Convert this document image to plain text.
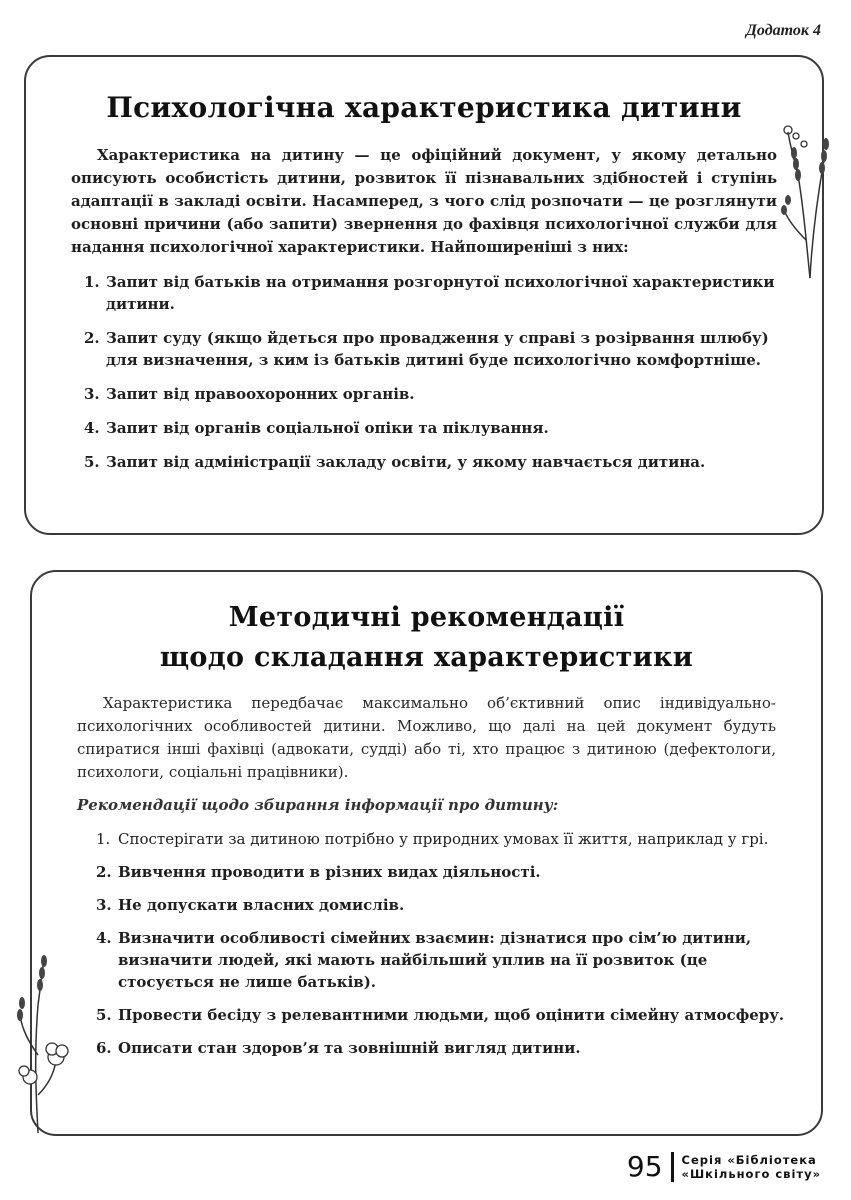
Додаток 4
Психологічна характеристика дитини

Характеристика на дитину — це офіційний документ, у якому детально описують особистість дитини, розвиток її пізнавальних здібностей і ступінь адаптації в закладі освіти. Насамперед, з чого слід розпочати — це розглянути основні причини (або запити) звернення до фахівця психологічної служби для надання психологічної характеристики. Найпоширеніші з них:

1. Запит від батьків на отримання розгорнутої психологічної характеристики дитини.
2. Запит суду (якщо йдеться про провадження у справі з розірвання шлюбу) для визначення, з ким із батьків дитині буде психологічно комфортніше.
3. Запит від правоохоронних органів.
4. Запит від органів соціальної опіки та піклування.
5. Запит від адміністрації закладу освіти, у якому навчається дитина.
Методичні рекомендації
щодо складання характеристики

Характеристика передбачає максимально об’єктивний опис індивідуально-психологічних особливостей дитини. Можливо, що далі на цей документ будуть спиратися інші фахівці (адвокати, судді) або ті, хто працює з дитиною (дефектологи, психологи, соціальні працівники).

Рекомендації щодо збирання інформації про дитину:
1. Спостерігати за дитиною потрібно у природних умовах її життя, наприклад у грі.
2. Вивчення проводити в різних видах діяльності.
3. Не допускати власних домислів.
4. Визначити особливості сімейних взаємин: дізнатися про сім’ю дитини, визначити людей, які мають найбільший уплив на її розвиток (це стосується не лише батьків).
5. Провести бесіду з релевантними людьми, щоб оцінити сімейну атмосферу.
6. Описати стан здоров’я та зовнішній вигляд дитини.
95	Серія «Бібліотека
«Шкільного світу»
